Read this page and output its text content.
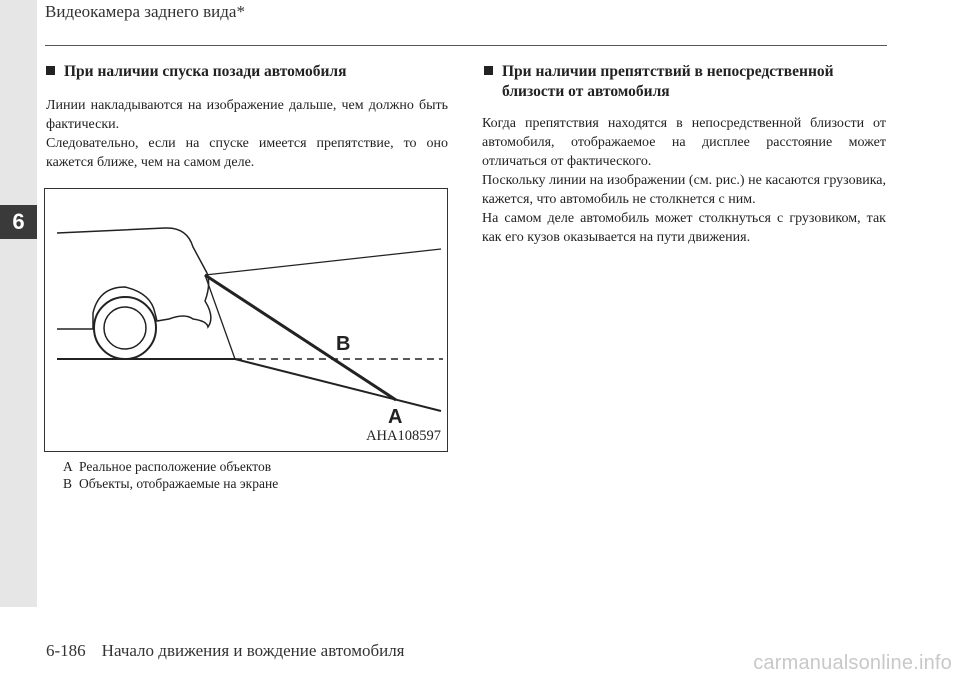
6
Видеокамера заднего вида*
При наличии спуска позади автомобиля
Линии накладываются на изображение дальше, чем должно быть фактически.
Следовательно, если на спуске имеется препятствие, то оно кажется ближе, чем на самом деле.
B
A
AHA108597
A Реальное расположение объектов
B Объекты, отображаемые на экране
При наличии препятствий в непосредственной
близости от автомобиля
Когда препятствия находятся в непосредственной близости от автомобиля, отображаемое на дисплее расстояние может отличаться от фактического.
Поскольку линии на изображении (см. рис.) не касаются грузовика, кажется, что автомобиль не столкнется с ним.
На самом деле автомобиль может столкнуться с грузовиком, так как его кузов оказывается на пути движения.
6-186 Начало движения и вождение автомобиля
carmanualsonline.info
